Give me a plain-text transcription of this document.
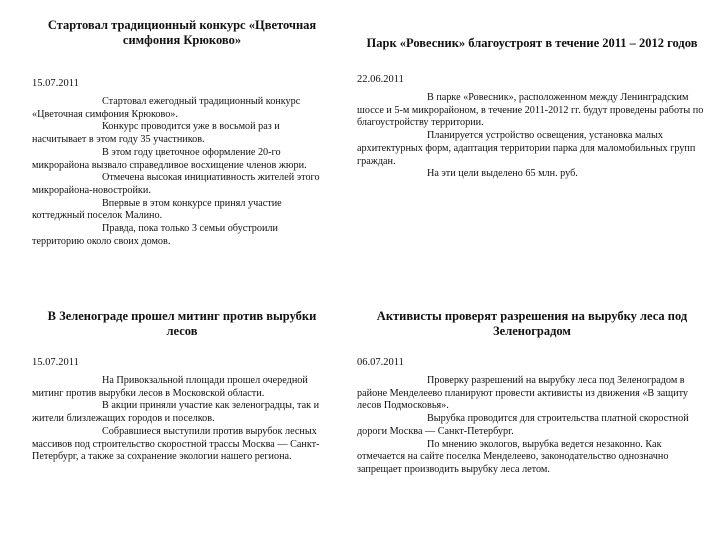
Стартовал традиционный конкурс «Цветочная симфония Крюково»

15.07.2011

Стартовал ежегодный традиционный конкурс «Цветочная симфония Крюково».

Конкурс проводится уже в восьмой раз и насчитывает в этом году 35 участников.

В этом году цветочное оформление 20-го микрорайона вызвало справедливое восхищение членов жюри.

Отмечена высокая инициативность жителей этого микрорайона-новостройки.

Впервые в этом конкурсе принял участие коттеджный поселок Малино.

Правда, пока только 3 семьи обустроили территорию около своих домов.

Парк «Ровесник» благоустроят в течение 2011 – 2012 годов

22.06.2011

В парке «Ровесник», расположенном между Ленинградским шоссе и 5-м микрорайоном, в течение 2011-2012 гг. будут проведены работы по благоустройству территории.

Планируется устройство освещения, установка малых архитектурных форм, адаптация территории парка для маломобильных групп граждан.

На эти цели выделено 65 млн. руб.

В Зеленограде прошел митинг против вырубки лесов

15.07.2011

На Привокзальной площади прошел очередной митинг против вырубки лесов в Московской области.

В акции приняли участие как зеленоградцы, так и жители близлежащих городов и поселков.

Собравшиеся выступили против вырубок лесных массивов под строительство скоростной трассы Москва — Санкт-Петербург, а также за сохранение экологии нашего региона.

Активисты проверят разрешения на вырубку леса под Зеленоградом

06.07.2011

Проверку разрешений на вырубку леса под Зеленоградом в районе Менделеево планируют провести активисты из движения «В защиту лесов Подмосковья».

Вырубка проводится для строительства платной скоростной дороги Москва — Санкт-Петербург.

По мнению экологов, вырубка ведется незаконно. Как отмечается на сайте поселка Менделеево, законодательство однозначно запрещает производить вырубку леса летом.
